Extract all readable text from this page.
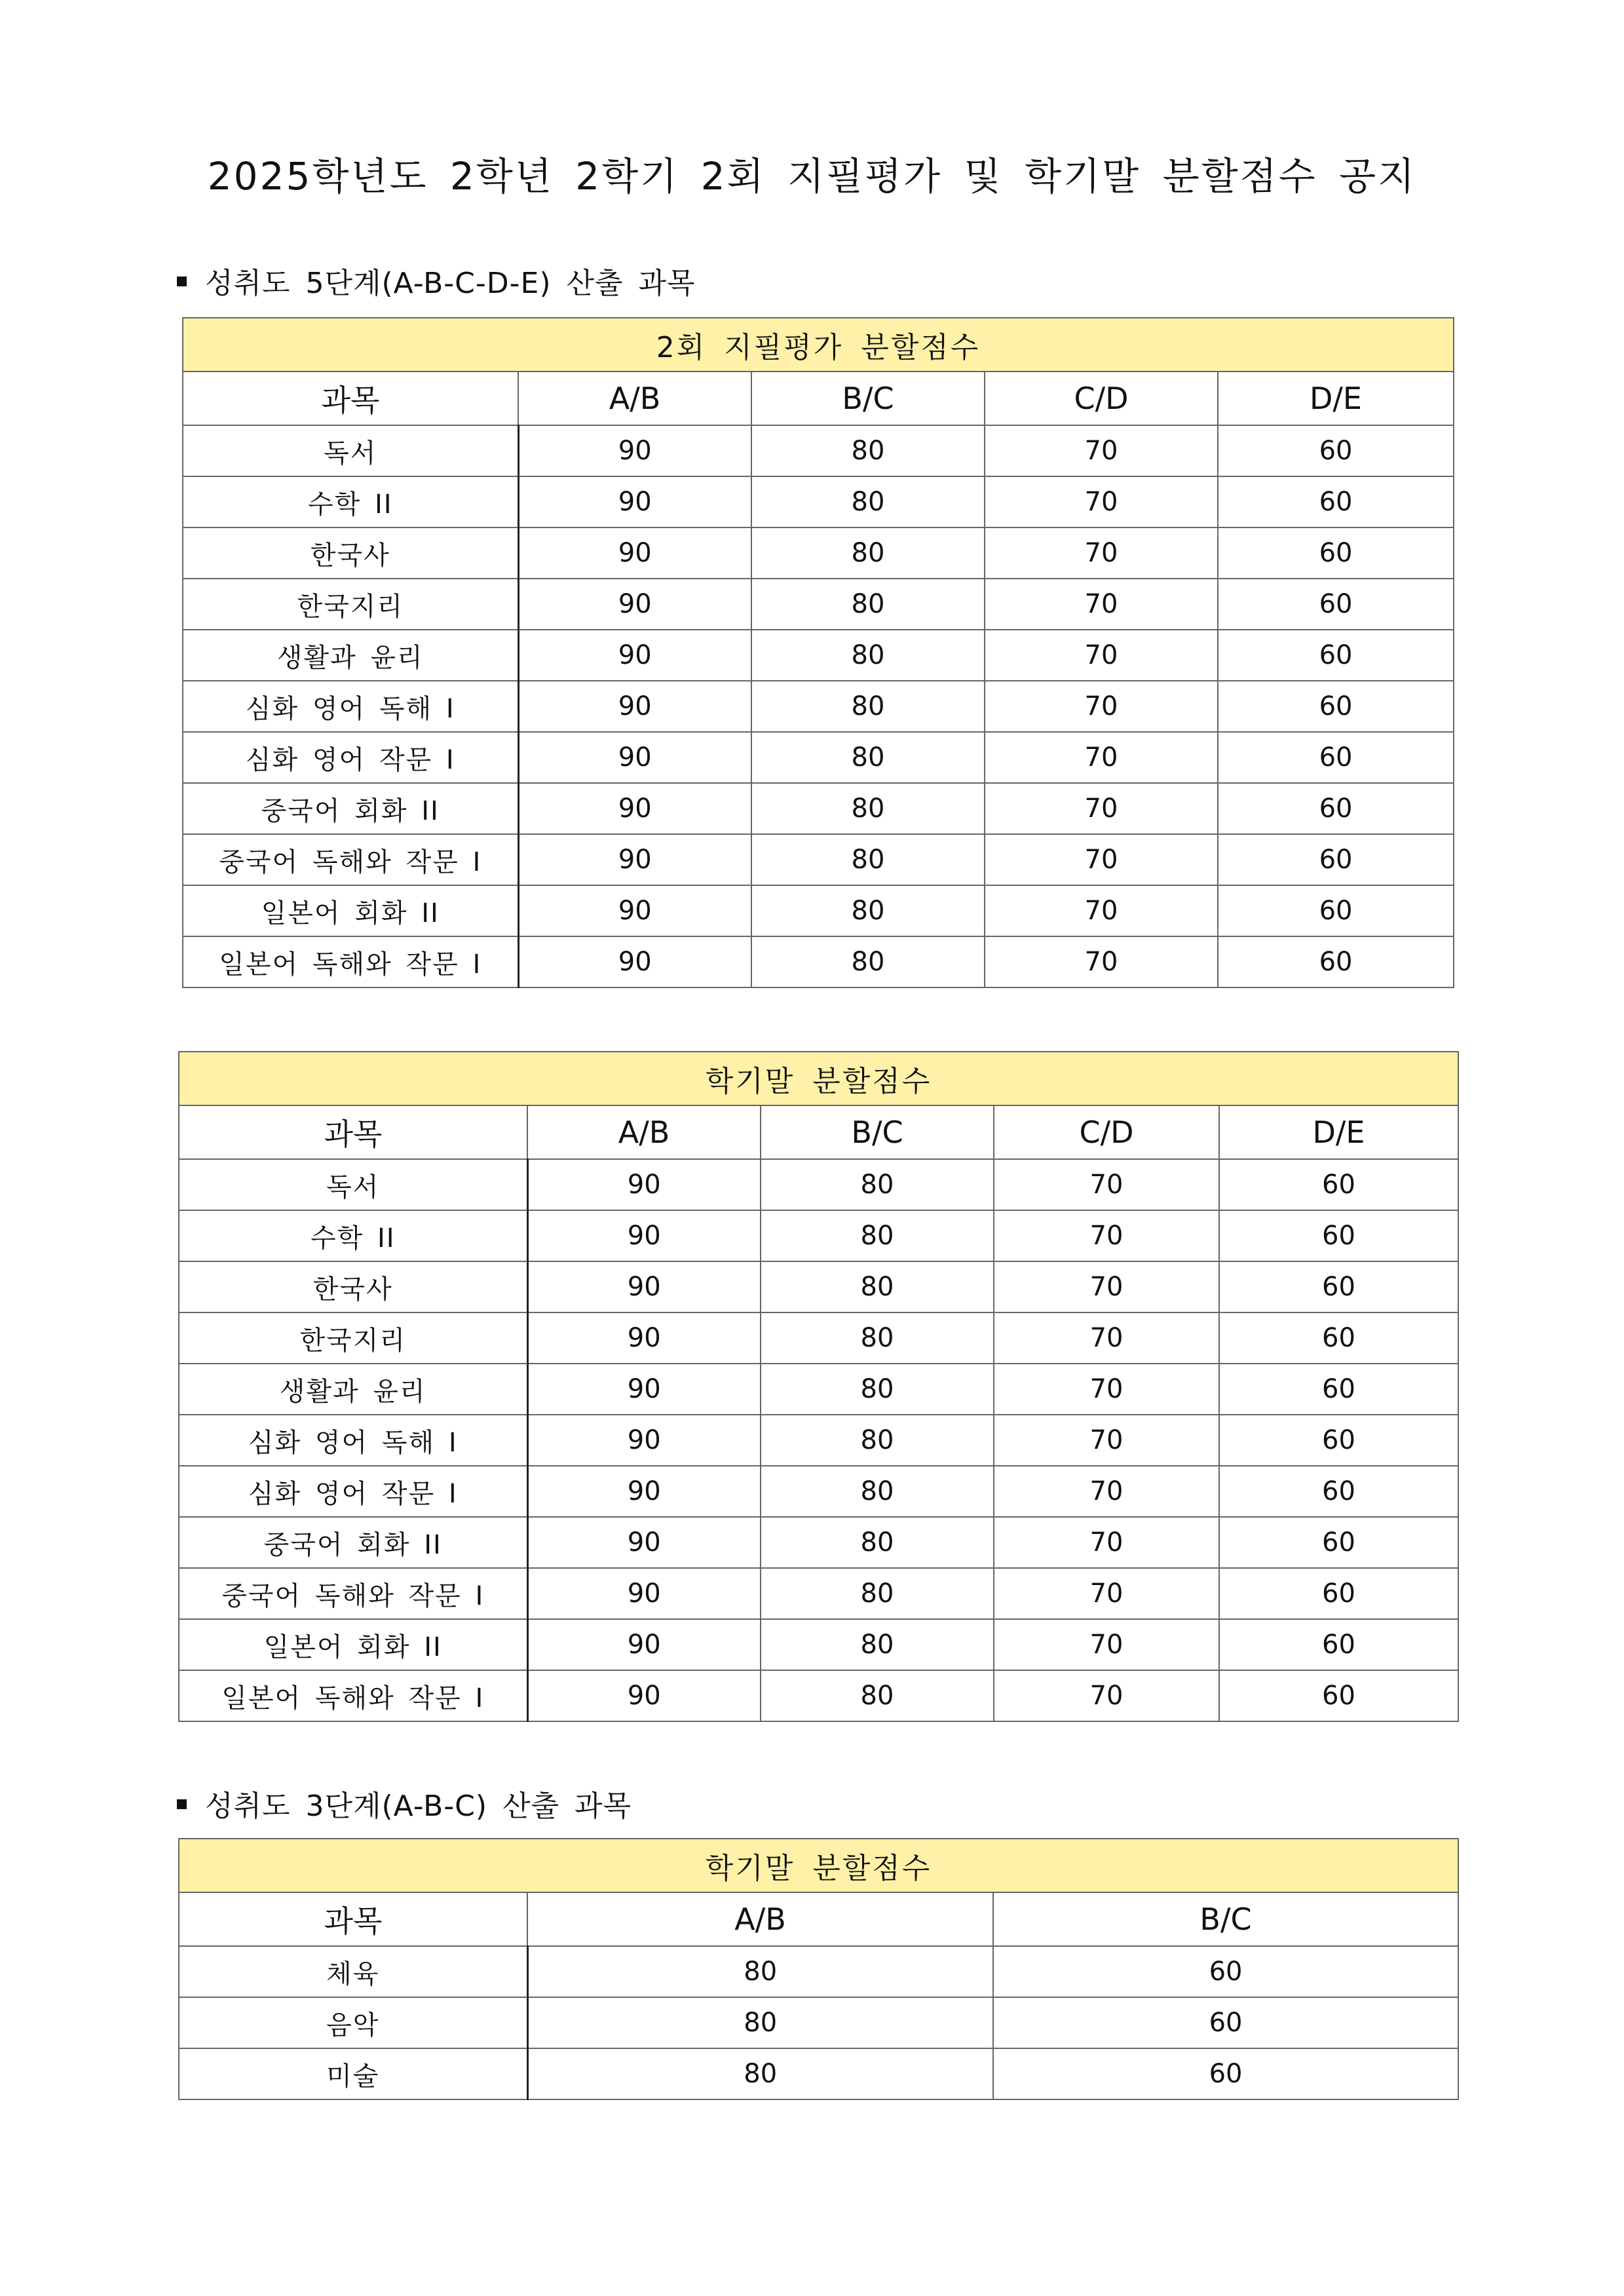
2025학년도 2학년 2학기 2회 지필평가 및 학기말 분할점수 공지
성취도 5단계(A-B-C-D-E) 산출 과목
2회 지필평가 분할점수				
과목	A/B	B/C	C/D	D/E
독서	90	80	70	60
수학 II	90	80	70	60
한국사	90	80	70	60
한국지리	90	80	70	60
생활과 윤리	90	80	70	60
심화 영어 독해 I	90	80	70	60
심화 영어 작문 I	90	80	70	60
중국어 회화 II	90	80	70	60
중국어 독해와 작문 I	90	80	70	60
일본어 회화 II	90	80	70	60
일본어 독해와 작문 I	90	80	70	60
학기말 분할점수				
과목	A/B	B/C	C/D	D/E
독서	90	80	70	60
수학 II	90	80	70	60
한국사	90	80	70	60
한국지리	90	80	70	60
생활과 윤리	90	80	70	60
심화 영어 독해 I	90	80	70	60
심화 영어 작문 I	90	80	70	60
중국어 회화 II	90	80	70	60
중국어 독해와 작문 I	90	80	70	60
일본어 회화 II	90	80	70	60
일본어 독해와 작문 I	90	80	70	60
성취도 3단계(A-B-C) 산출 과목
학기말 분할점수		
과목	A/B	B/C
체육	80	60
음악	80	60
미술	80	60
